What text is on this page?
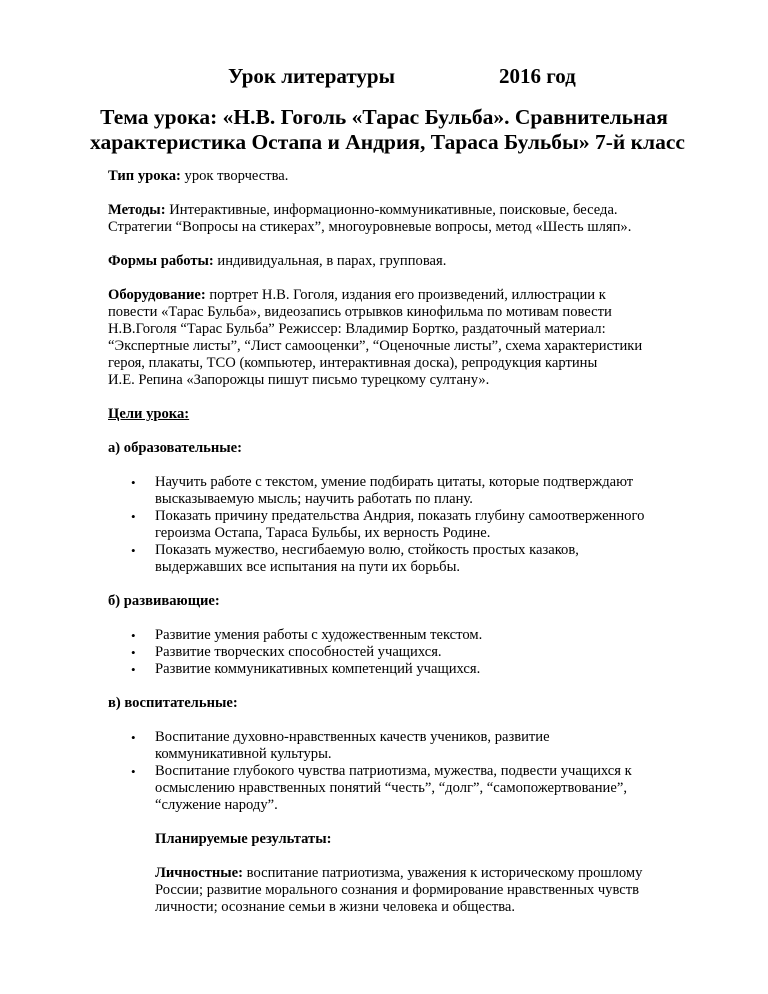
Урок литературы	2016 год
Тема урока: «Н.В. Гоголь «Тарас Бульба». Сравнительная
характеристика Остапа и Андрия, Тараса Бульбы» 7-й класс

Тип урока: урок творчества.

Методы: Интерактивные, информационно-коммуникативные, поисковые, беседа.
Стратегии “Вопросы на стикерах”, многоуровневые вопросы, метод «Шесть шляп».

Формы работы: индивидуальная, в парах, групповая.

Оборудование: портрет Н.В. Гоголя, издания его произведений, иллюстрации к
повести «Тарас Бульба», видеозапись отрывков кинофильма по мотивам повести
Н.В.Гоголя “Тарас Бульба” Режиссер: Владимир Бортко, раздаточный материал:
“Экспертные листы”, “Лист самооценки”, “Оценочные листы”, схема характеристики
героя, плакаты, ТСО (компьютер, интерактивная доска), репродукция картины
И.Е. Репина «Запорожцы пишут письмо турецкому султану».

Цели урока:
а) образовательные:
• Научить работе с текстом, умение подбирать цитаты, которые подтверждают
высказываемую мысль; научить работать по плану.
• Показать причину предательства Андрия, показать глубину самоотверженного
героизма Остапа, Тараса Бульбы, их верность Родине.
• Показать мужество, несгибаемую волю, стойкость простых казаков,
выдержавших все испытания на пути их борьбы.
б) развивающие:
• Развитие умения работы с художественным текстом.
• Развитие творческих способностей учащихся.
• Развитие коммуникативных компетенций учащихся.
в) воспитательные:
• Воспитание духовно-нравственных качеств учеников, развитие
коммуникативной культуры.
• Воспитание глубокого чувства патриотизма, мужества, подвести учащихся к
осмыслению нравственных понятий “честь”, “долг”, “самопожертвование”,
“служение народу”.
Планируемые результаты:

Личностные: воспитание патриотизма, уважения к историческому прошлому
России; развитие морального сознания и формирование нравственных чувств
личности; осознание семьи в жизни человека и общества.
